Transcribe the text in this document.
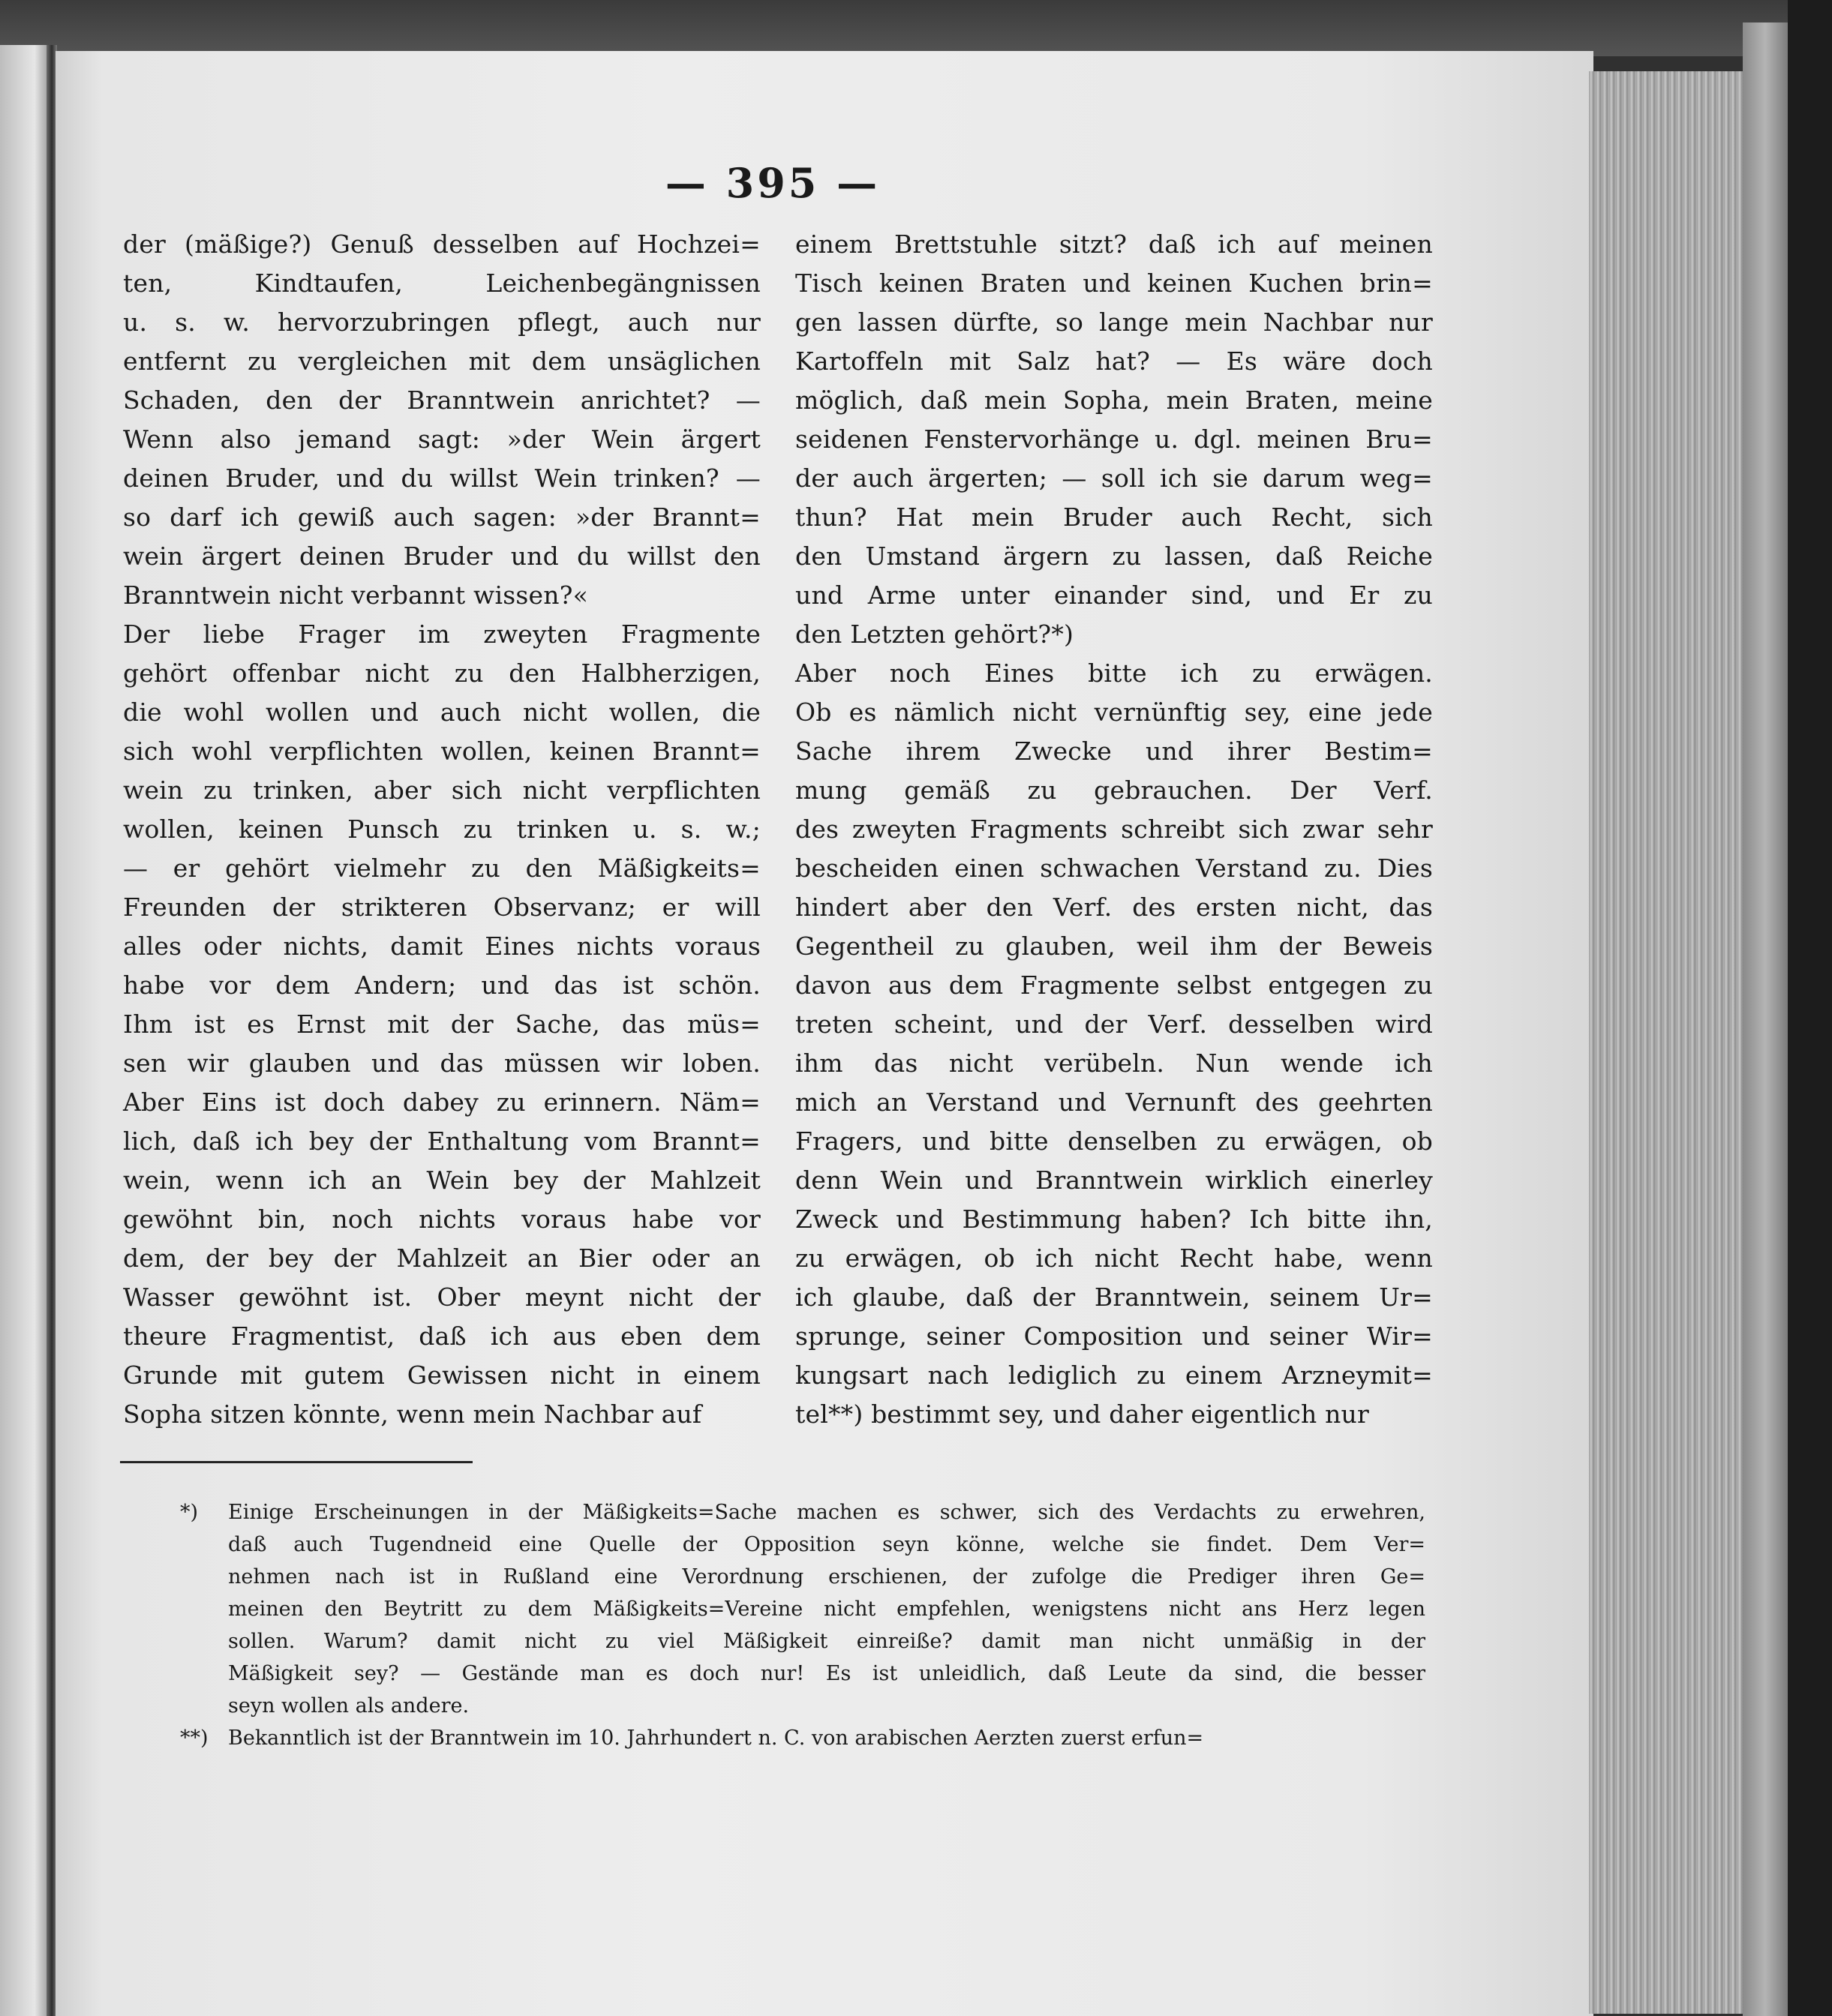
— 395 —
der (mäßige?) Genuß desselben auf Hochzei=
ten, Kindtaufen, Leichenbegängnissen
u. s. w. hervorzubringen pflegt, auch nur
entfernt zu vergleichen mit dem unsäglichen
Schaden, den der Branntwein anrichtet? —
Wenn also jemand sagt: »der Wein ärgert
deinen Bruder, und du willst Wein trinken? —
so darf ich gewiß auch sagen: »der Brannt=
wein ärgert deinen Bruder und du willst den
Branntwein nicht verbannt wissen?«
Der liebe Frager im zweyten Fragmente
gehört offenbar nicht zu den Halbherzigen,
die wohl wollen und auch nicht wollen, die
sich wohl verpflichten wollen, keinen Brannt=
wein zu trinken, aber sich nicht verpflichten
wollen, keinen Punsch zu trinken u. s. w.;
— er gehört vielmehr zu den Mäßigkeits=
Freunden der strikteren Observanz; er will
alles oder nichts, damit Eines nichts voraus
habe vor dem Andern; und das ist schön.
Ihm ist es Ernst mit der Sache, das müs=
sen wir glauben und das müssen wir loben.
Aber Eins ist doch dabey zu erinnern. Näm=
lich, daß ich bey der Enthaltung vom Brannt=
wein, wenn ich an Wein bey der Mahlzeit
gewöhnt bin, noch nichts voraus habe vor
dem, der bey der Mahlzeit an Bier oder an
Wasser gewöhnt ist. Ober meynt nicht der
theure Fragmentist, daß ich aus eben dem
Grunde mit gutem Gewissen nicht in einem
Sopha sitzen könnte, wenn mein Nachbar auf
einem Brettstuhle sitzt? daß ich auf meinen
Tisch keinen Braten und keinen Kuchen brin=
gen lassen dürfte, so lange mein Nachbar nur
Kartoffeln mit Salz hat? — Es wäre doch
möglich, daß mein Sopha, mein Braten, meine
seidenen Fenstervorhänge u. dgl. meinen Bru=
der auch ärgerten; — soll ich sie darum weg=
thun? Hat mein Bruder auch Recht, sich
den Umstand ärgern zu lassen, daß Reiche
und Arme unter einander sind, und Er zu
den Letzten gehört?*)
Aber noch Eines bitte ich zu erwägen.
Ob es nämlich nicht vernünftig sey, eine jede
Sache ihrem Zwecke und ihrer Bestim=
mung gemäß zu gebrauchen. Der Verf.
des zweyten Fragments schreibt sich zwar sehr
bescheiden einen schwachen Verstand zu. Dies
hindert aber den Verf. des ersten nicht, das
Gegentheil zu glauben, weil ihm der Beweis
davon aus dem Fragmente selbst entgegen zu
treten scheint, und der Verf. desselben wird
ihm das nicht verübeln. Nun wende ich
mich an Verstand und Vernunft des geehrten
Fragers, und bitte denselben zu erwägen, ob
denn Wein und Branntwein wirklich einerley
Zweck und Bestimmung haben? Ich bitte ihn,
zu erwägen, ob ich nicht Recht habe, wenn
ich glaube, daß der Branntwein, seinem Ur=
sprunge, seiner Composition und seiner Wir=
kungsart nach lediglich zu einem Arzneymit=
tel**) bestimmt sey, und daher eigentlich nur
*) Einige Erscheinungen in der Mäßigkeits=Sache machen es schwer, sich des Verdachts zu erwehren,
daß auch Tugendneid eine Quelle der Opposition seyn könne, welche sie findet. Dem Ver=
nehmen nach ist in Rußland eine Verordnung erschienen, der zufolge die Prediger ihren Ge=
meinen den Beytritt zu dem Mäßigkeits=Vereine nicht empfehlen, wenigstens nicht ans Herz legen
sollen. Warum? damit nicht zu viel Mäßigkeit einreiße? damit man nicht unmäßig in der
Mäßigkeit sey? — Geständе man es doch nur! Es ist unleidlich, daß Leute da sind, die besser
seyn wollen als andere.
**) Bekanntlich ist der Branntwein im 10. Jahrhundert n. C. von arabischen Aerzten zuerst erfun=
